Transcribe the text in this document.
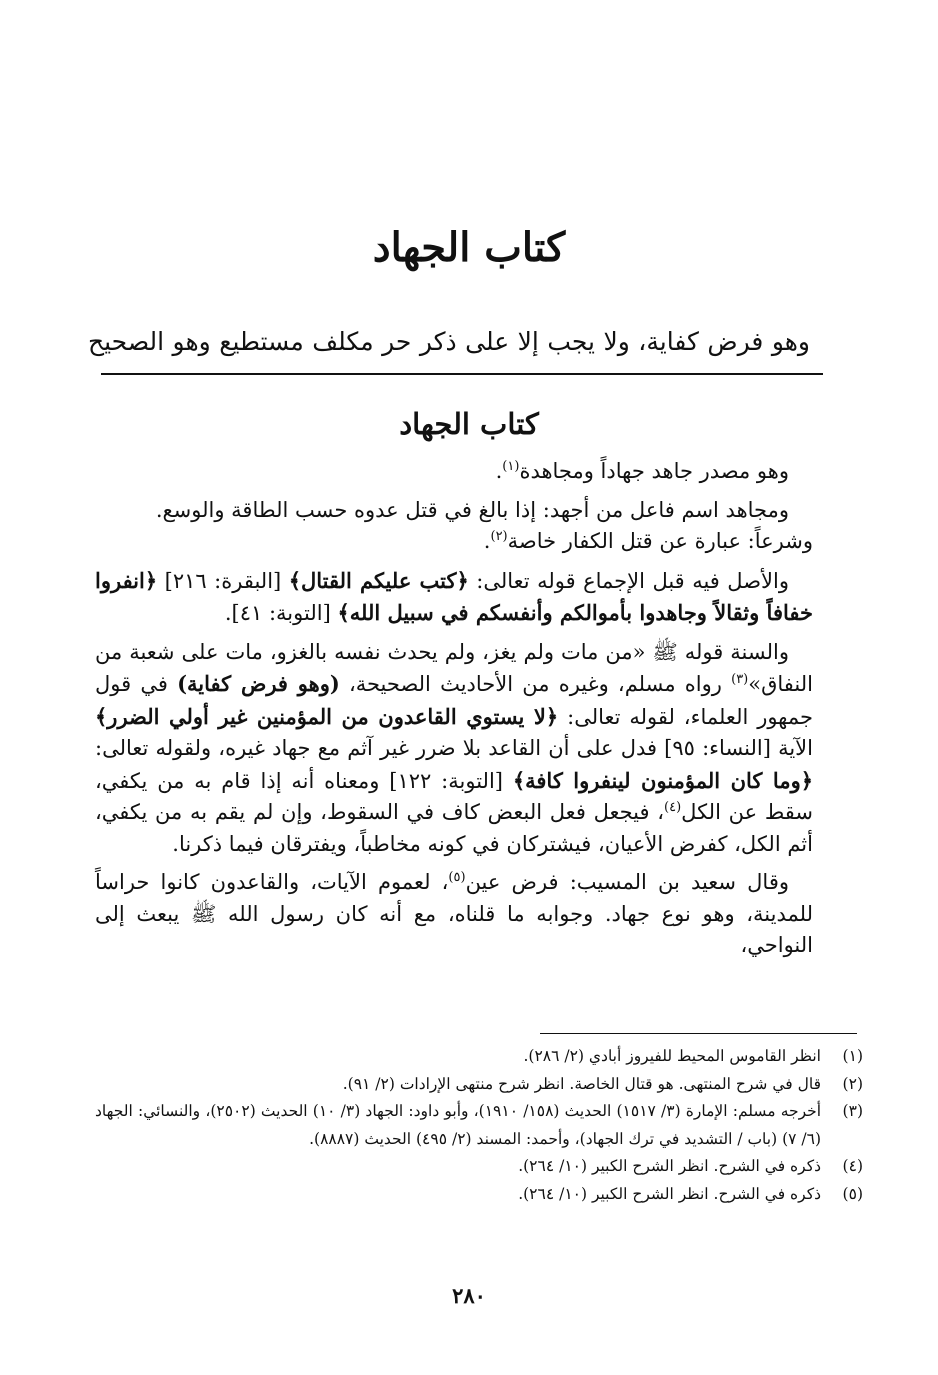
كتاب الجهاد

وهو فرض كفاية، ولا يجب إلا على ذكر حر مكلف مستطيع وهو الصحيح

كتاب الجهاد

وهو مصدر جاهد جهاداً ومجاهدة$^{(١)}$.

ومجاهد اسم فاعل من أجهد: إذا بالغ في قتل عدوه حسب الطاقة والوسع.
وشرعاً: عبارة عن قتل الكفار خاصة$^{(٢)}$.

والأصل فيه قبل الإجماع قوله تعالى: ﴿كتب عليكم القتال﴾ [البقرة: ٢١٦] ﴿انفروا خفافاً وثقالاً وجاهدوا بأموالكم وأنفسكم في سبيل الله﴾ [التوبة: ٤١].

والسنة قوله ﷺ «من مات ولم يغز، ولم يحدث نفسه بالغزو، مات على شعبة من النفاق»$^{(٣)}$ رواه مسلم، وغيره من الأحاديث الصحيحة، (وهو فرض كفاية) في قول جمهور العلماء، لقوله تعالى: ﴿لا يستوي القاعدون من المؤمنين غير أولي الضرر﴾ الآية [النساء: ٩٥] فدل على أن القاعد بلا ضرر غير آثم مع جهاد غيره، ولقوله تعالى: ﴿وما كان المؤمنون لينفروا كافة﴾ [التوبة: ١٢٢] ومعناه أنه إذا قام به من يكفي، سقط عن الكل$^{(٤)}$، فيجعل فعل البعض كاف في السقوط، وإن لم يقم به من يكفي، أثم الكل، كفرض الأعيان، فيشتركان في كونه مخاطباً، ويفترقان فيما ذكرنا.

وقال سعيد بن المسيب: فرض عين$^{(٥)}$، لعموم الآيات، والقاعدون كانوا حراساً للمدينة، وهو نوع جهاد. وجوابه ما قلناه، مع أنه كان رسول الله ﷺ يبعث إلى النواحي،

(١)
انظر القاموس المحيط للفيروز أبادي (٢/ ٢٨٦).
(٢)
قال في شرح المنتهى. هو قتال الخاصة. انظر شرح منتهى الإرادات (٢/ ٩١).
(٣)
أخرجه مسلم: الإمارة (٣/ ١٥١٧) الحديث (١٥٨/ ١٩١٠)، وأبو داود: الجهاد (٣/ ١٠) الحديث (٢٥٠٢)، والنسائي: الجهاد (٦/ ٧) (باب / التشديد في ترك الجهاد)، وأحمد: المسند (٢/ ٤٩٥) الحديث (٨٨٨٧).
(٤)
ذكره في الشرح. انظر الشرح الكبير (١٠/ ٢٦٤).
(٥)
ذكره في الشرح. انظر الشرح الكبير (١٠/ ٢٦٤).
٢٨٠
